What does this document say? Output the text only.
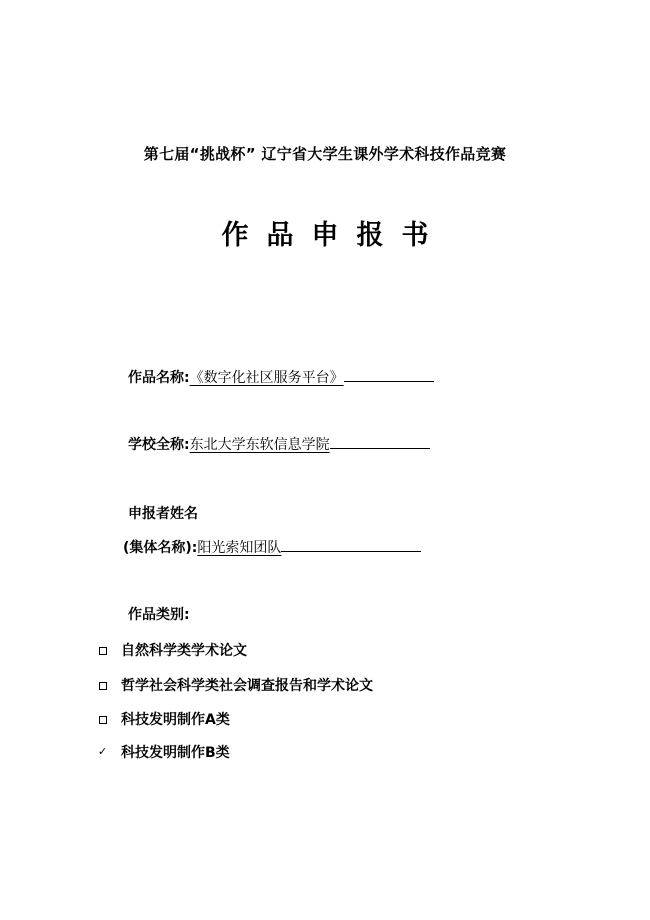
第七届“挑战杯” 辽宁省大学生课外学术科技作品竞赛
作品申报书
作品名称:《数字化社区服务平台》
学校全称:东北大学东软信息学院
申报者姓名
(集体名称):阳光索知团队
作品类别:
自然科学类学术论文
哲学社会科学类社会调查报告和学术论文
科技发明制作A类
✓ 科技发明制作B类
